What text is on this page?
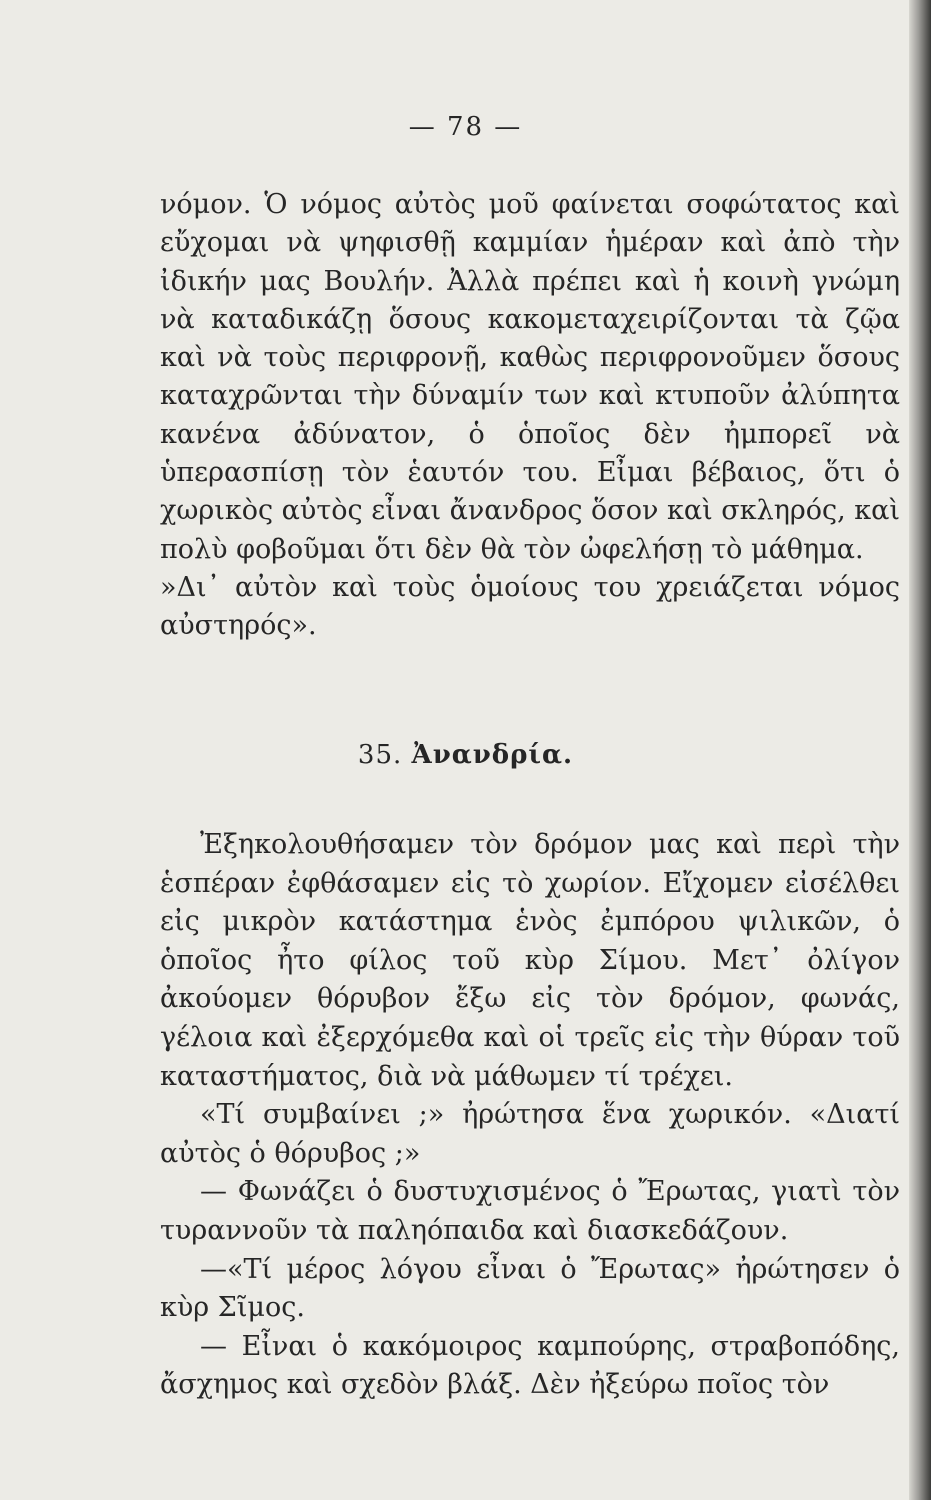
— 78 —

νόμον. Ὁ νόμος αὐτὸς μοῦ φαίνεται σοφώτατος καὶ εὔχομαι νὰ ψηφισθῇ καμμίαν ἡμέραν καὶ ἀπὸ τὴν ἰδικήν μας Βουλήν. Ἀλλὰ πρέπει καὶ ἡ κοινὴ γνώμη νὰ καταδικάζῃ ὅσους κακομεταχειρίζονται τὰ ζῷα καὶ νὰ τοὺς περιφρονῇ, καθὼς περιφρονοῦμεν ὅσους καταχρῶνται τὴν δύναμίν των καὶ κτυποῦν ἀλύπητα κανένα ἀδύνατον, ὁ ὁποῖος δὲν ἠμπορεῖ νὰ ὑπερασπίσῃ τὸν ἑαυτόν του. Εἶμαι βέβαιος, ὅτι ὁ χωρικὸς αὐτὸς εἶναι ἄνανδρος ὅσον καὶ σκληρός, καὶ πολὺ φοβοῦμαι ὅτι δὲν θὰ τὸν ὠφελήσῃ τὸ μάθημα.

»Δι᾽ αὐτὸν καὶ τοὺς ὁμοίους του χρειάζεται νόμος αὐστηρός».

35. Ἀνανδρία.

Ἐξηκολουθήσαμεν τὸν δρόμον μας καὶ περὶ τὴν ἑσπέραν ἐφθάσαμεν εἰς τὸ χωρίον. Εἴχομεν εἰσέλθει εἰς μικρὸν κατάστημα ἑνὸς ἐμπόρου ψιλικῶν, ὁ ὁποῖος ἦτο φίλος τοῦ κὺρ Σίμου. Μετ᾽ ὀλίγον ἀκούομεν θόρυβον ἔξω εἰς τὸν δρόμον, φωνάς, γέλοια καὶ ἐξερχόμεθα καὶ οἱ τρεῖς εἰς τὴν θύραν τοῦ καταστήματος, διὰ νὰ μάθωμεν τί τρέχει.

«Τί συμβαίνει ;» ἠρώτησα ἕνα χωρικόν. «Διατί αὐτὸς ὁ θόρυβος ;»

— Φωνάζει ὁ δυστυχισμένος ὁ Ἔρωτας, γιατὶ τὸν τυραννοῦν τὰ παληόπαιδα καὶ διασκεδάζουν.

—«Τί μέρος λόγου εἶναι ὁ Ἔρωτας» ἠρώτησεν ὁ κὺρ Σῖμος.

— Εἶναι ὁ κακόμοιρος καμπούρης, στραβοπόδης, ἄσχημος καὶ σχεδὸν βλάξ. Δὲν ἠξεύρω ποῖος τὸν
